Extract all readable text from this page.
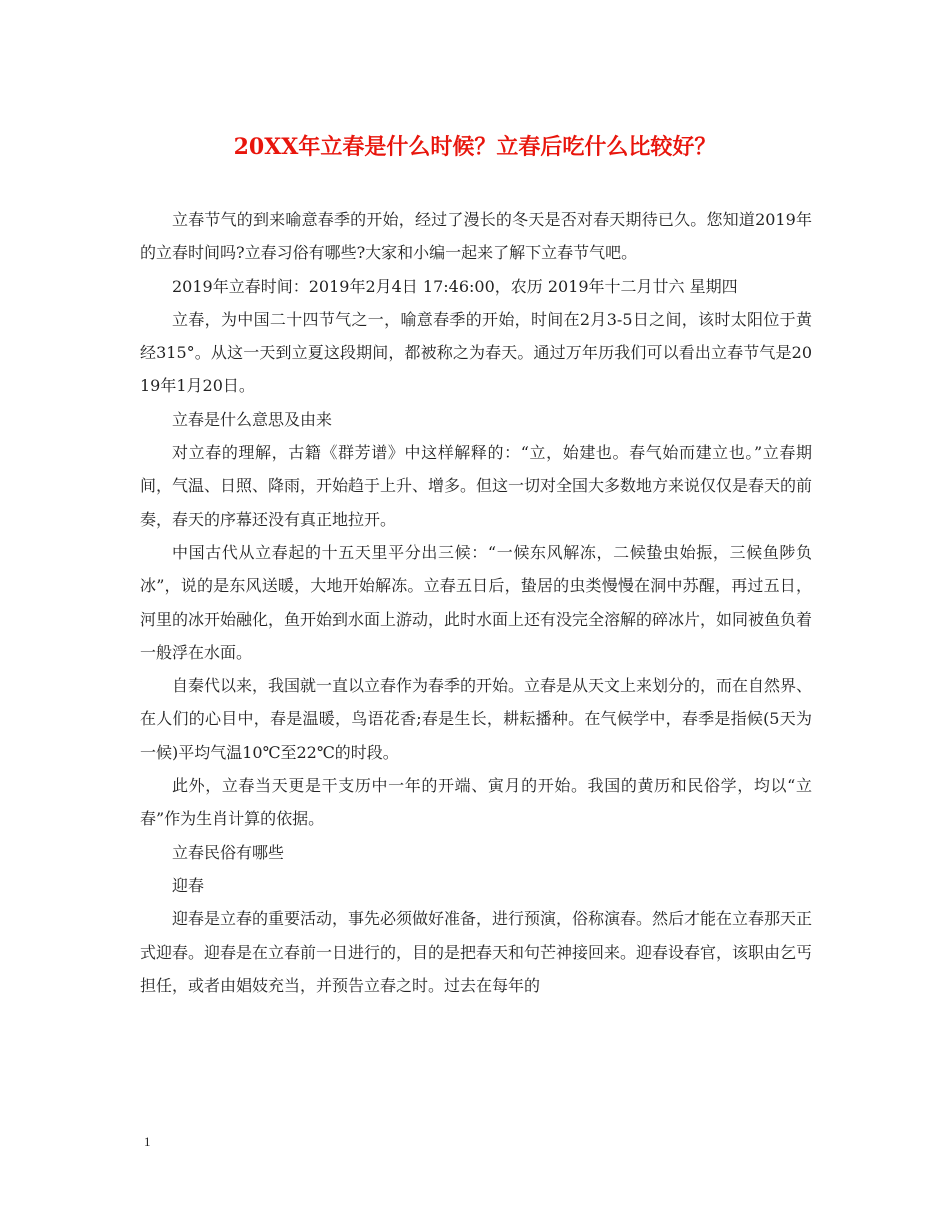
20XX年立春是什么时候？立春后吃什么比较好？

立春节气的到来喻意春季的开始，经过了漫长的冬天是否对春天期待已久。您知道2019年的立春时间吗?立春习俗有哪些?大家和小编一起来了解下立春节气吧。

2019年立春时间：2019年2月4日 17:46:00，农历 2019年十二月廿六 星期四

立春，为中国二十四节气之一，喻意春季的开始，时间在2月3-5日之间，该时太阳位于黄经315°。从这一天到立夏这段期间，都被称之为春天。通过万年历我们可以看出立春节气是2019年1月20日。

立春是什么意思及由来

对立春的理解，古籍《群芳谱》中这样解释的：“立，始建也。春气始而建立也。”立春期间，气温、日照、降雨，开始趋于上升、增多。但这一切对全国大多数地方来说仅仅是春天的前奏，春天的序幕还没有真正地拉开。

中国古代从立春起的十五天里平分出三候：“一候东风解冻，二候蛰虫始振，三候鱼陟负冰”，说的是东风送暖，大地开始解冻。立春五日后，蛰居的虫类慢慢在洞中苏醒，再过五日，河里的冰开始融化，鱼开始到水面上游动，此时水面上还有没完全溶解的碎冰片，如同被鱼负着一般浮在水面。

自秦代以来，我国就一直以立春作为春季的开始。立春是从天文上来划分的，而在自然界、在人们的心目中，春是温暖，鸟语花香;春是生长，耕耘播种。在气候学中，春季是指候(5天为一候)平均气温10℃至22℃的时段。

此外，立春当天更是干支历中一年的开端、寅月的开始。我国的黄历和民俗学，均以“立春”作为生肖计算的依据。

立春民俗有哪些

迎春

迎春是立春的重要活动，事先必须做好准备，进行预演，俗称演春。然后才能在立春那天正式迎春。迎春是在立春前一日进行的，目的是把春天和句芒神接回来。迎春设春官，该职由乞丐担任，或者由娼妓充当，并预告立春之时。过去在每年的

1
